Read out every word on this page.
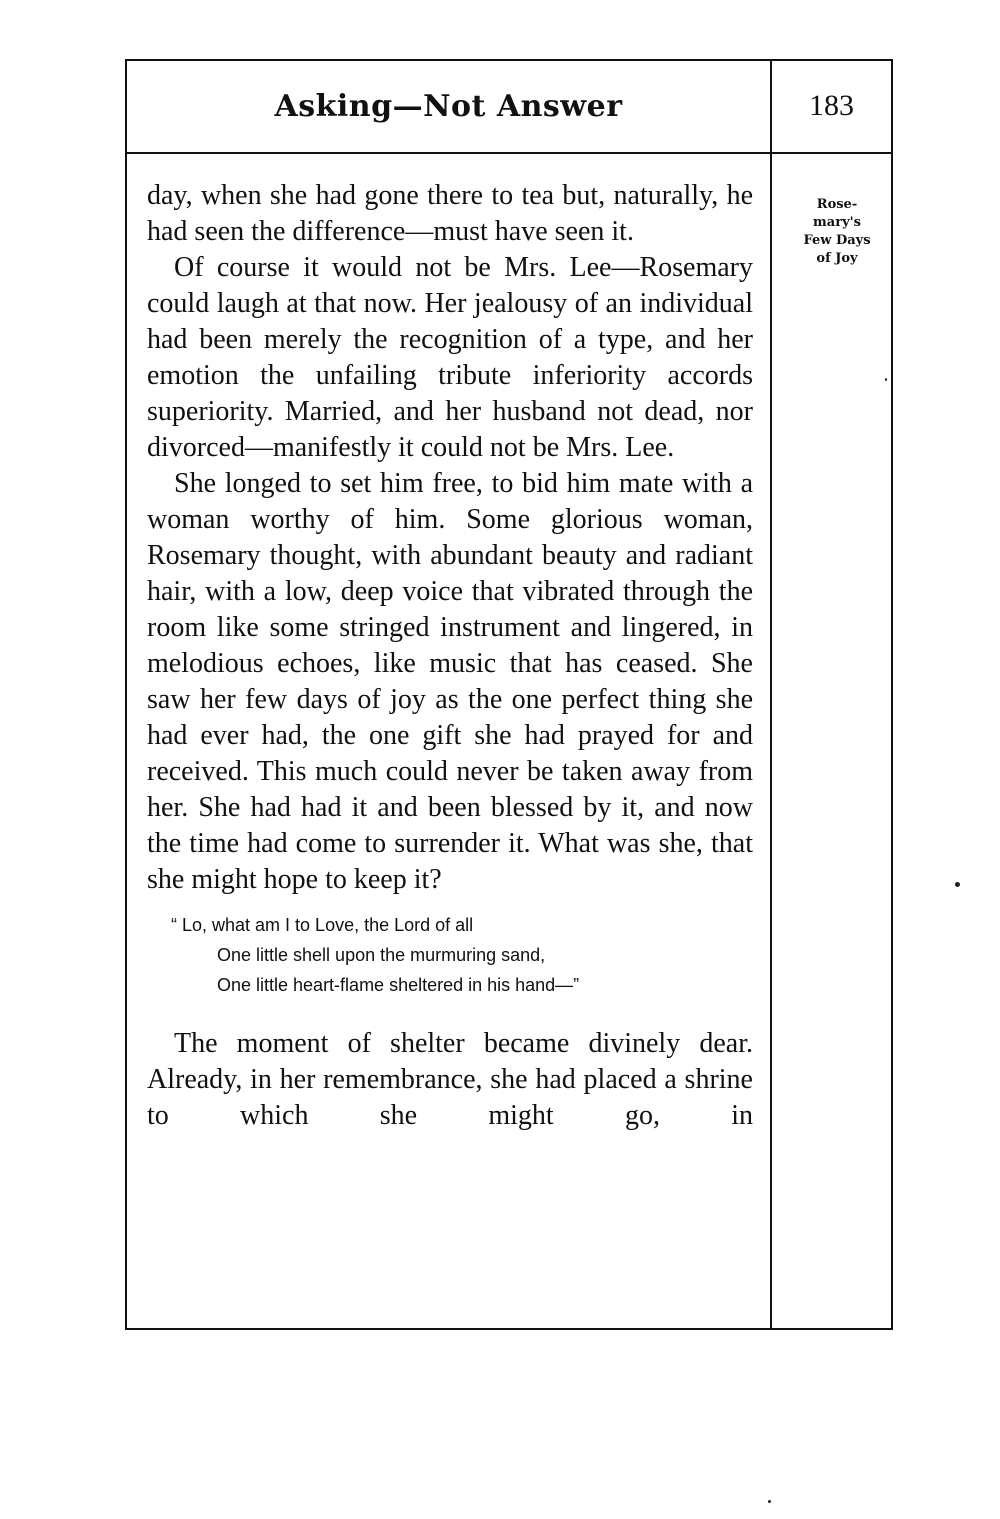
Asking—Not Answer	183
Rose-
mary's
Few Days
of Joy

day, when she had gone there to tea but, naturally, he had seen the difference—must have seen it.

Of course it would not be Mrs. Lee—Rosemary could laugh at that now. Her jealousy of an individual had been merely the recognition of a type, and her emotion the unfailing tribute inferiority accords superiority. Married, and her husband not dead, nor divorced—manifestly it could not be Mrs. Lee.

She longed to set him free, to bid him mate with a woman worthy of him. Some glorious woman, Rosemary thought, with abundant beauty and radiant hair, with a low, deep voice that vibrated through the room like some stringed instrument and lingered, in melodious echoes, like music that has ceased. She saw her few days of joy as the one perfect thing she had ever had, the one gift she had prayed for and received. This much could never be taken away from her. She had had it and been blessed by it, and now the time had come to surrender it. What was she, that she might hope to keep it?

“ Lo, what am I to Love, the Lord of all
One little shell upon the murmuring sand,
One little heart-flame sheltered in his hand—”

The moment of shelter became divinely dear. Already, in her remembrance, she had placed a shrine to which she might go, in
